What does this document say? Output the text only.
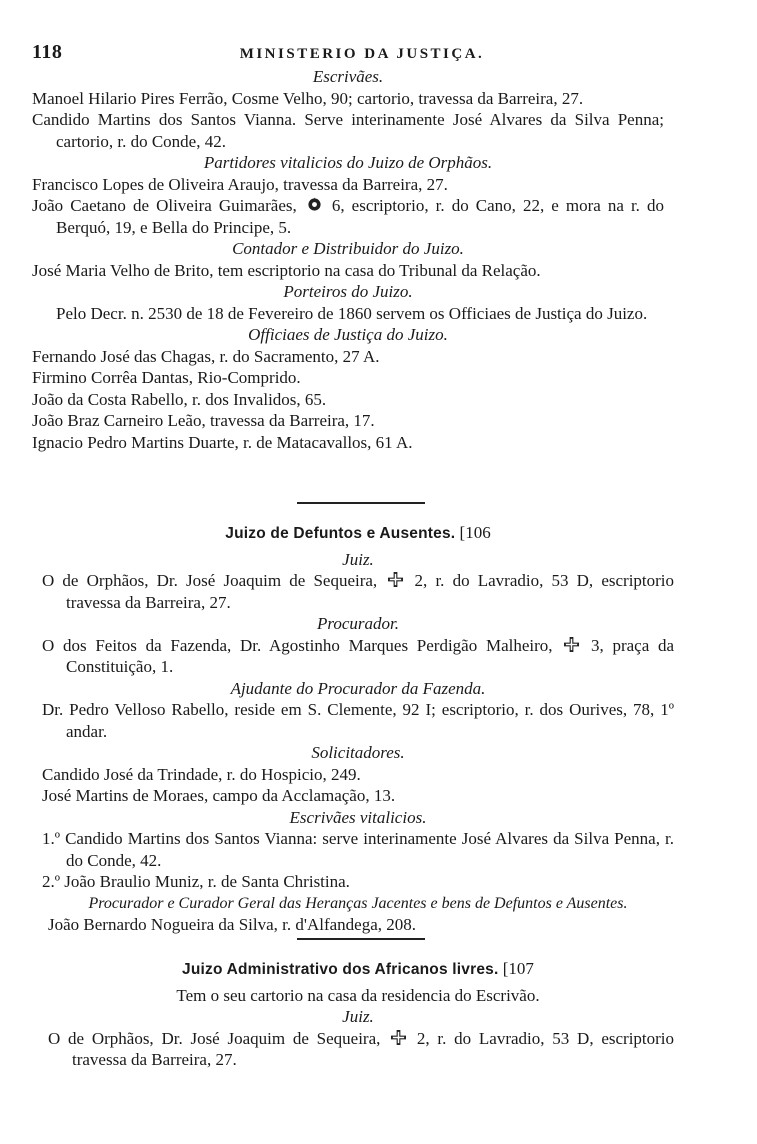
118	MINISTERIO DA JUSTIÇA.
Escrivães.
Manoel Hilario Pires Ferrão, Cosme Velho, 90; cartorio, travessa da Barreira, 27.
Candido Martins dos Santos Vianna. Serve interinamente José Alvares da Silva Penna; cartorio, r. do Conde, 42.
Partidores vitalicios do Juizo de Orphãos.
Francisco Lopes de Oliveira Araujo, travessa da Barreira, 27.
João Caetano de Oliveira Guimarães, 6, escriptorio, r. do Cano, 22, e mora na r. do Berquó, 19, e Bella do Principe, 5.
Contador e Distribuidor do Juizo.
José Maria Velho de Brito, tem escriptorio na casa do Tribunal da Relação.
Porteiros do Juizo.
Pelo Decr. n. 2530 de 18 de Fevereiro de 1860 servem os Officiaes de Justiça do Juizo.
Officiaes de Justiça do Juizo.
Fernando José das Chagas, r. do Sacramento, 27 A.
Firmino Corrêa Dantas, Rio-Comprido.
João da Costa Rabello, r. dos Invalidos, 65.
João Braz Carneiro Leão, travessa da Barreira, 17.
Ignacio Pedro Martins Duarte, r. de Matacavallos, 61 A.
Juizo de Defuntos e Ausentes. [106
Juiz.
O de Orphãos, Dr. José Joaquim de Sequeira, 2, r. do Lavradio, 53 D, escriptorio travessa da Barreira, 27.
Procurador.
O dos Feitos da Fazenda, Dr. Agostinho Marques Perdigão Malheiro, 3, praça da Constituição, 1.
Ajudante do Procurador da Fazenda.
Dr. Pedro Velloso Rabello, reside em S. Clemente, 92 I; escriptorio, r. dos Ourives, 78, 1º andar.
Solicitadores.
Candido José da Trindade, r. do Hospicio, 249.
José Martins de Moraes, campo da Acclamação, 13.
Escrivães vitalicios.
1.º Candido Martins dos Santos Vianna: serve interinamente José Alvares da Silva Penna, r. do Conde, 42.
2.º João Braulio Muniz, r. de Santa Christina.
Procurador e Curador Geral das Heranças Jacentes e bens de Defuntos e Ausentes.
João Bernardo Nogueira da Silva, r. d'Alfandega, 208.
Juizo Administrativo dos Africanos livres. [107
Tem o seu cartorio na casa da residencia do Escrivão.
Juiz.
O de Orphãos, Dr. José Joaquim de Sequeira, 2, r. do Lavradio, 53 D, escriptorio travessa da Barreira, 27.
